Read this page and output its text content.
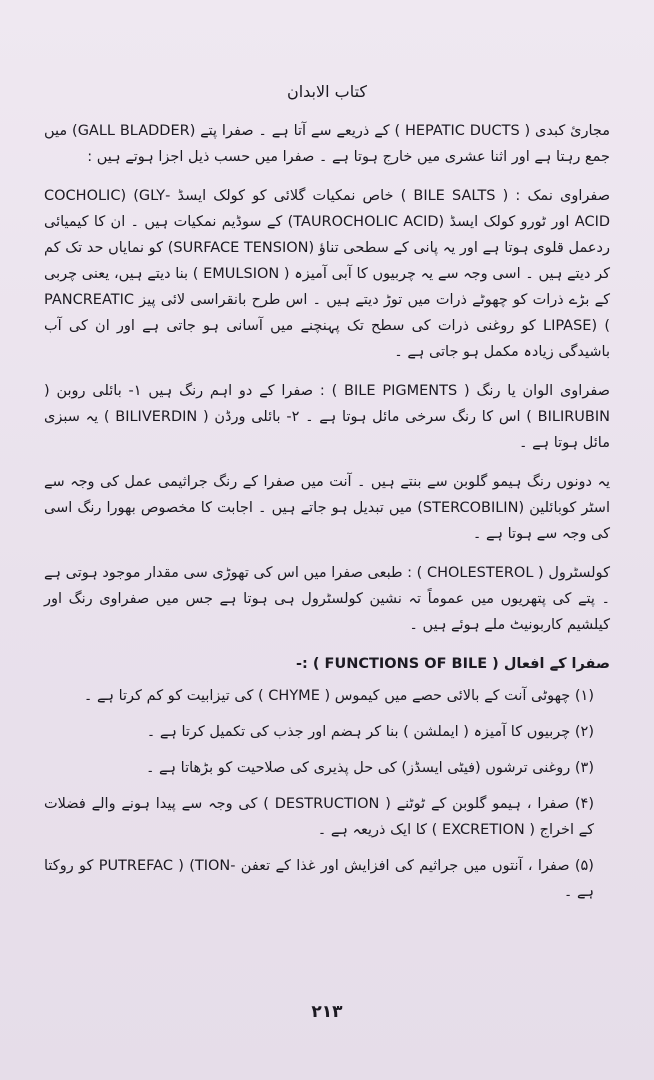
کتاب الابدان

مجاریٔ کبدی ( HEPATIC DUCTS ) کے ذریعے سے آتا ہے ۔ صفرا پتے (GALL BLADDER) میں جمع رہتا ہے اور اثنا عشری میں خارج ہوتا ہے ۔ صفرا میں حسب ذیل اجزا ہوتے ہیں :

صفراوی نمک : ( BILE SALTS ) خاص نمکیات گلائی کو کولک ایسڈ -GLY) (COCHOLIC ACID اور ٹورو کولک ایسڈ (TAUROCHOLIC ACID) کے سوڈیم نمکیات ہیں ۔ ان کا کیمیائی ردعمل قلوی ہوتا ہے اور یہ پانی کے سطحی تناؤ (SURFACE TENSION) کو نمایاں حد تک کم کر دیتے ہیں ۔ اسی وجہ سے یہ چربیوں کا آبی آمیزہ ( EMULSION ) بنا دیتے ہیں، یعنی چربی کے بڑے ذرات کو چھوٹے ذرات میں توڑ دیتے ہیں ۔ اس طرح بانقراسی لائی پیز PANCREATIC ) (LIPASE کو روغنی ذرات کی سطح تک پہنچنے میں آسانی ہو جاتی ہے اور ان کی آب باشیدگی زیادہ مکمل ہو جاتی ہے ۔

صفراوی الوان یا رنگ ( BILE PIGMENTS ) : صفرا کے دو اہم رنگ ہیں ۱- بائلی روبن ( BILIRUBIN ) اس کا رنگ سرخی مائل ہوتا ہے ۔ ۲- بائلی ورڈن ( BILIVERDIN ) یہ سبزی مائل ہوتا ہے ۔

یہ دونوں رنگ ہیمو گلوبن سے بنتے ہیں ۔ آنت میں صفرا کے رنگ جراثیمی عمل کی وجہ سے اسٹر کوبائلین (STERCOBILIN) میں تبدیل ہو جاتے ہیں ۔ اجابت کا مخصوص بھورا رنگ اسی کی وجہ سے ہوتا ہے ۔

کولسٹرول ( CHOLESTEROL ) : طبعی صفرا میں اس کی تھوڑی سی مقدار موجود ہوتی ہے ۔ پتے کی پتھریوں میں عموماً تہ نشین کولسٹرول ہی ہوتا ہے جس میں صفراوی رنگ اور کیلشیم کاربونیٹ ملے ہوئے ہیں ۔

صفرا کے افعال ( FUNCTIONS OF BILE ) :-

(۱) چھوٹی آنت کے بالائی حصے میں کیموس ( CHYME ) کی تیزابیت کو کم کرتا ہے ۔

(۲) چربیوں کا آمیزہ ( ایملشن ) بنا کر ہضم اور جذب کی تکمیل کرتا ہے ۔

(۳) روغنی ترشوں (فیٹی ایسڈز) کی حل پذیری کی صلاحیت کو بڑھاتا ہے ۔

(۴) صفرا ، ہیمو گلوبن کے ٹوٹنے ( DESTRUCTION ) کی وجہ سے پیدا ہونے والے فضلات کے اخراج ( EXCRETION ) کا ایک ذریعہ ہے ۔

(۵) صفرا ، آنتوں میں جراثیم کی افزایش اور غذا کے تعفن -PUTREFAC ) (TION کو روکتا ہے ۔

۲۱۳
